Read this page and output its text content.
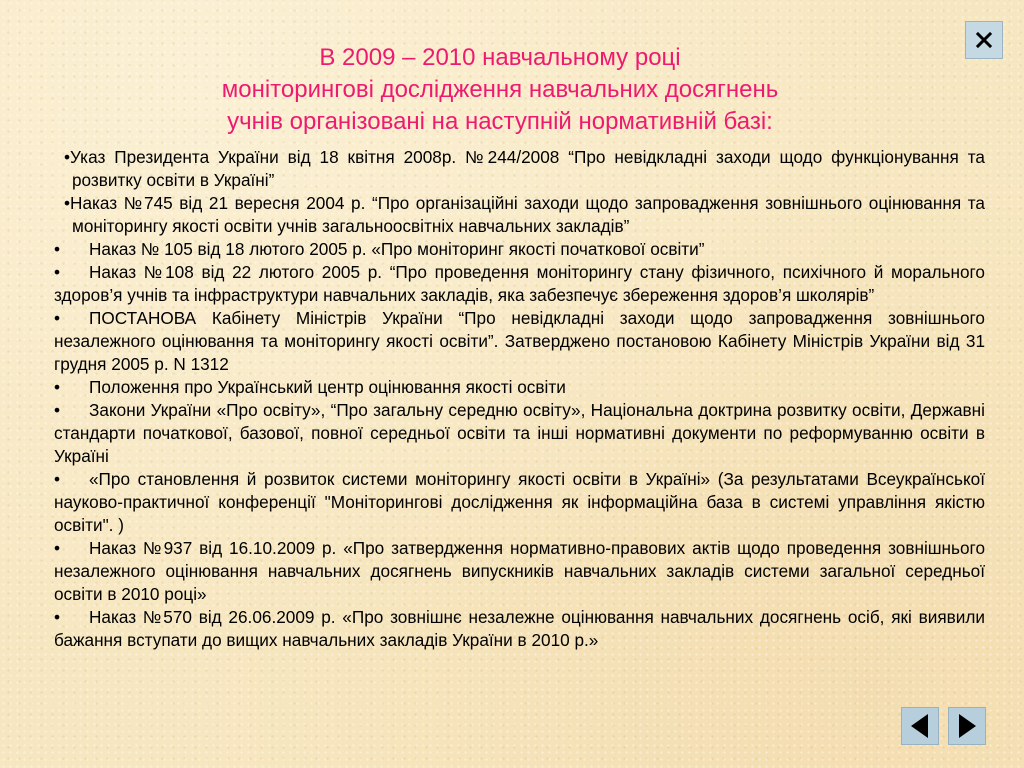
В 2009 – 2010 навчальному році
моніторингові дослідження навчальних досягнень
учнів організовані на наступній нормативній базі:
•Указ Президента України від 18 квітня 2008р. №244/2008 “Про невідкладні заходи щодо функціонування та розвитку освіти в Україні”
•Наказ №745 від 21 вересня 2004 р. “Про організаційні заходи щодо запровадження зовнішнього оцінювання та моніторингу якості освіти учнів загальноосвітніх навчальних закладів”
• Наказ № 105 від 18 лютого 2005 р. «Про моніторинг якості початкової освіти”
• Наказ №108 від 22 лютого 2005 р. “Про проведення моніторингу стану фізичного, психічного й морального здоров’я учнів та інфраструктури навчальних закладів, яка забезпечує збереження здоров’я школярів”
• ПОСТАНОВА Кабінету Міністрів України “Про невідкладні заходи щодо запровадження зовнішнього незалежного оцінювання та моніторингу якості освіти”. Затверджено постановою Кабінету Міністрів України від 31 грудня 2005 р. N 1312
• Положення про Український центр оцінювання якості освіти
• Закони України «Про освіту», “Про загальну середню освіту», Національна доктрина розвитку освіти, Державні стандарти початкової, базової, повної середньої освіти та інші нормативні документи по реформуванню освіти в Україні
• «Про становлення й розвиток системи моніторингу якості освіти в Україні» (За результатами Всеукраїнської науково-практичної конференції "Моніторингові дослідження як інформаційна база в системі управління якістю освіти". )
• Наказ №937 від 16.10.2009 р. «Про затвердження нормативно-правових актів щодо проведення зовнішнього незалежного оцінювання навчальних досягнень випускників навчальних закладів системи загальної середньої освіти в 2010 році»
• Наказ №570 від 26.06.2009 р. «Про зовнішнє незалежне оцінювання навчальних досягнень осіб, які виявили бажання вступати до вищих навчальних закладів України в 2010 р.»
